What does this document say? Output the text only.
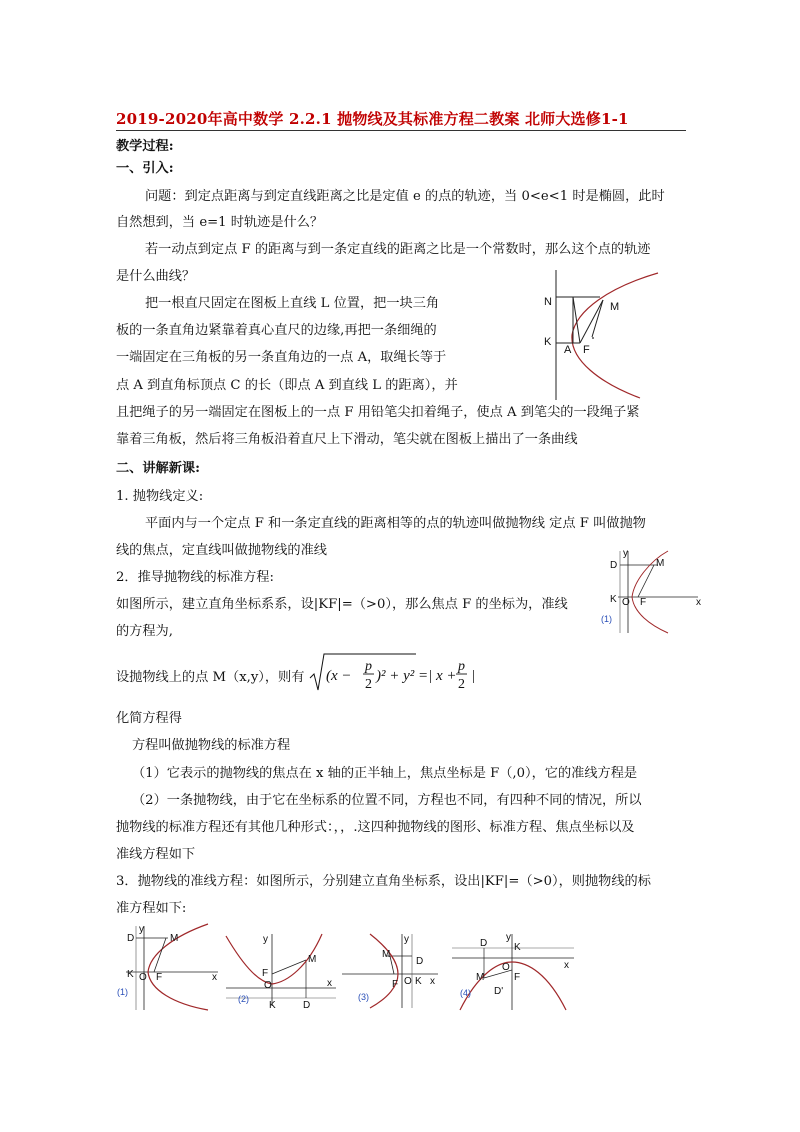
2019-2020年高中数学 2.2.1 抛物线及其标准方程二教案 北师大选修1-1
教学过程:
一、引入:
问题：到定点距离与到定直线距离之比是定值 e 的点的轨迹，当 0<e<1 时是椭圆，此时
自然想到，当 e=1 时轨迹是什么？
若一动点到定点 F 的距离与到一条定直线的距离之比是一个常数时，那么这个点的轨迹
是什么曲线？
把一根直尺固定在图板上直线 L 位置，把一块三角
板的一条直角边紧靠着真心直尺的边缘,再把一条细绳的
一端固定在三角板的另一条直角边的一点 A，取绳长等于
点 A 到直角标顶点 C 的长（即点 A 到直线 L 的距离），并
且把绳子的另一端固定在图板上的一点 F 用铅笔尖扣着绳子，使点 A 到笔尖的一段绳子紧
靠着三角板，然后将三角板沿着直尺上下滑动，笔尖就在图板上描出了一条曲线
N	M
K
A F
二、讲解新课:
1. 抛物线定义:
平面内与一个定点 F 和一条定直线的距离相等的点的轨迹叫做抛物线 定点 F 叫做抛物
线的焦点，定直线叫做抛物线的准线
2．推导抛物线的标准方程:
如图所示，建立直角坐标系系，设|KF|=（>0），那么焦点 F 的坐标为，准线
的方程为,
D
y
M
K O F	x
(1)
设抛物线上的点 M（x,y），则有 (x −
p
2
)² + y² =| x +
p
2
|
化简方程得
方程叫做抛物线的标准方程
（1）它表示的抛物线的焦点在 x 轴的正半轴上，焦点坐标是 F（,0），它的准线方程是
（2）一条抛物线，由于它在坐标系的位置不同，方程也不同，有四种不同的情况，所以
抛物线的标准方程还有其他几种形式：，，.这四种抛物线的图形、标准方程、焦点坐标以及
准线方程如下
3．抛物线的准线方程：如图所示，分别建立直角坐标系，设出|KF|=（>0），则抛物线的标
准方程如下:
D
y
M
K O F	x
(1)
y
M
F
O	x
K	D
(2)
y
M
D
F O K x
(3)
D
y
K
x
M
O
F
D'
(4)
